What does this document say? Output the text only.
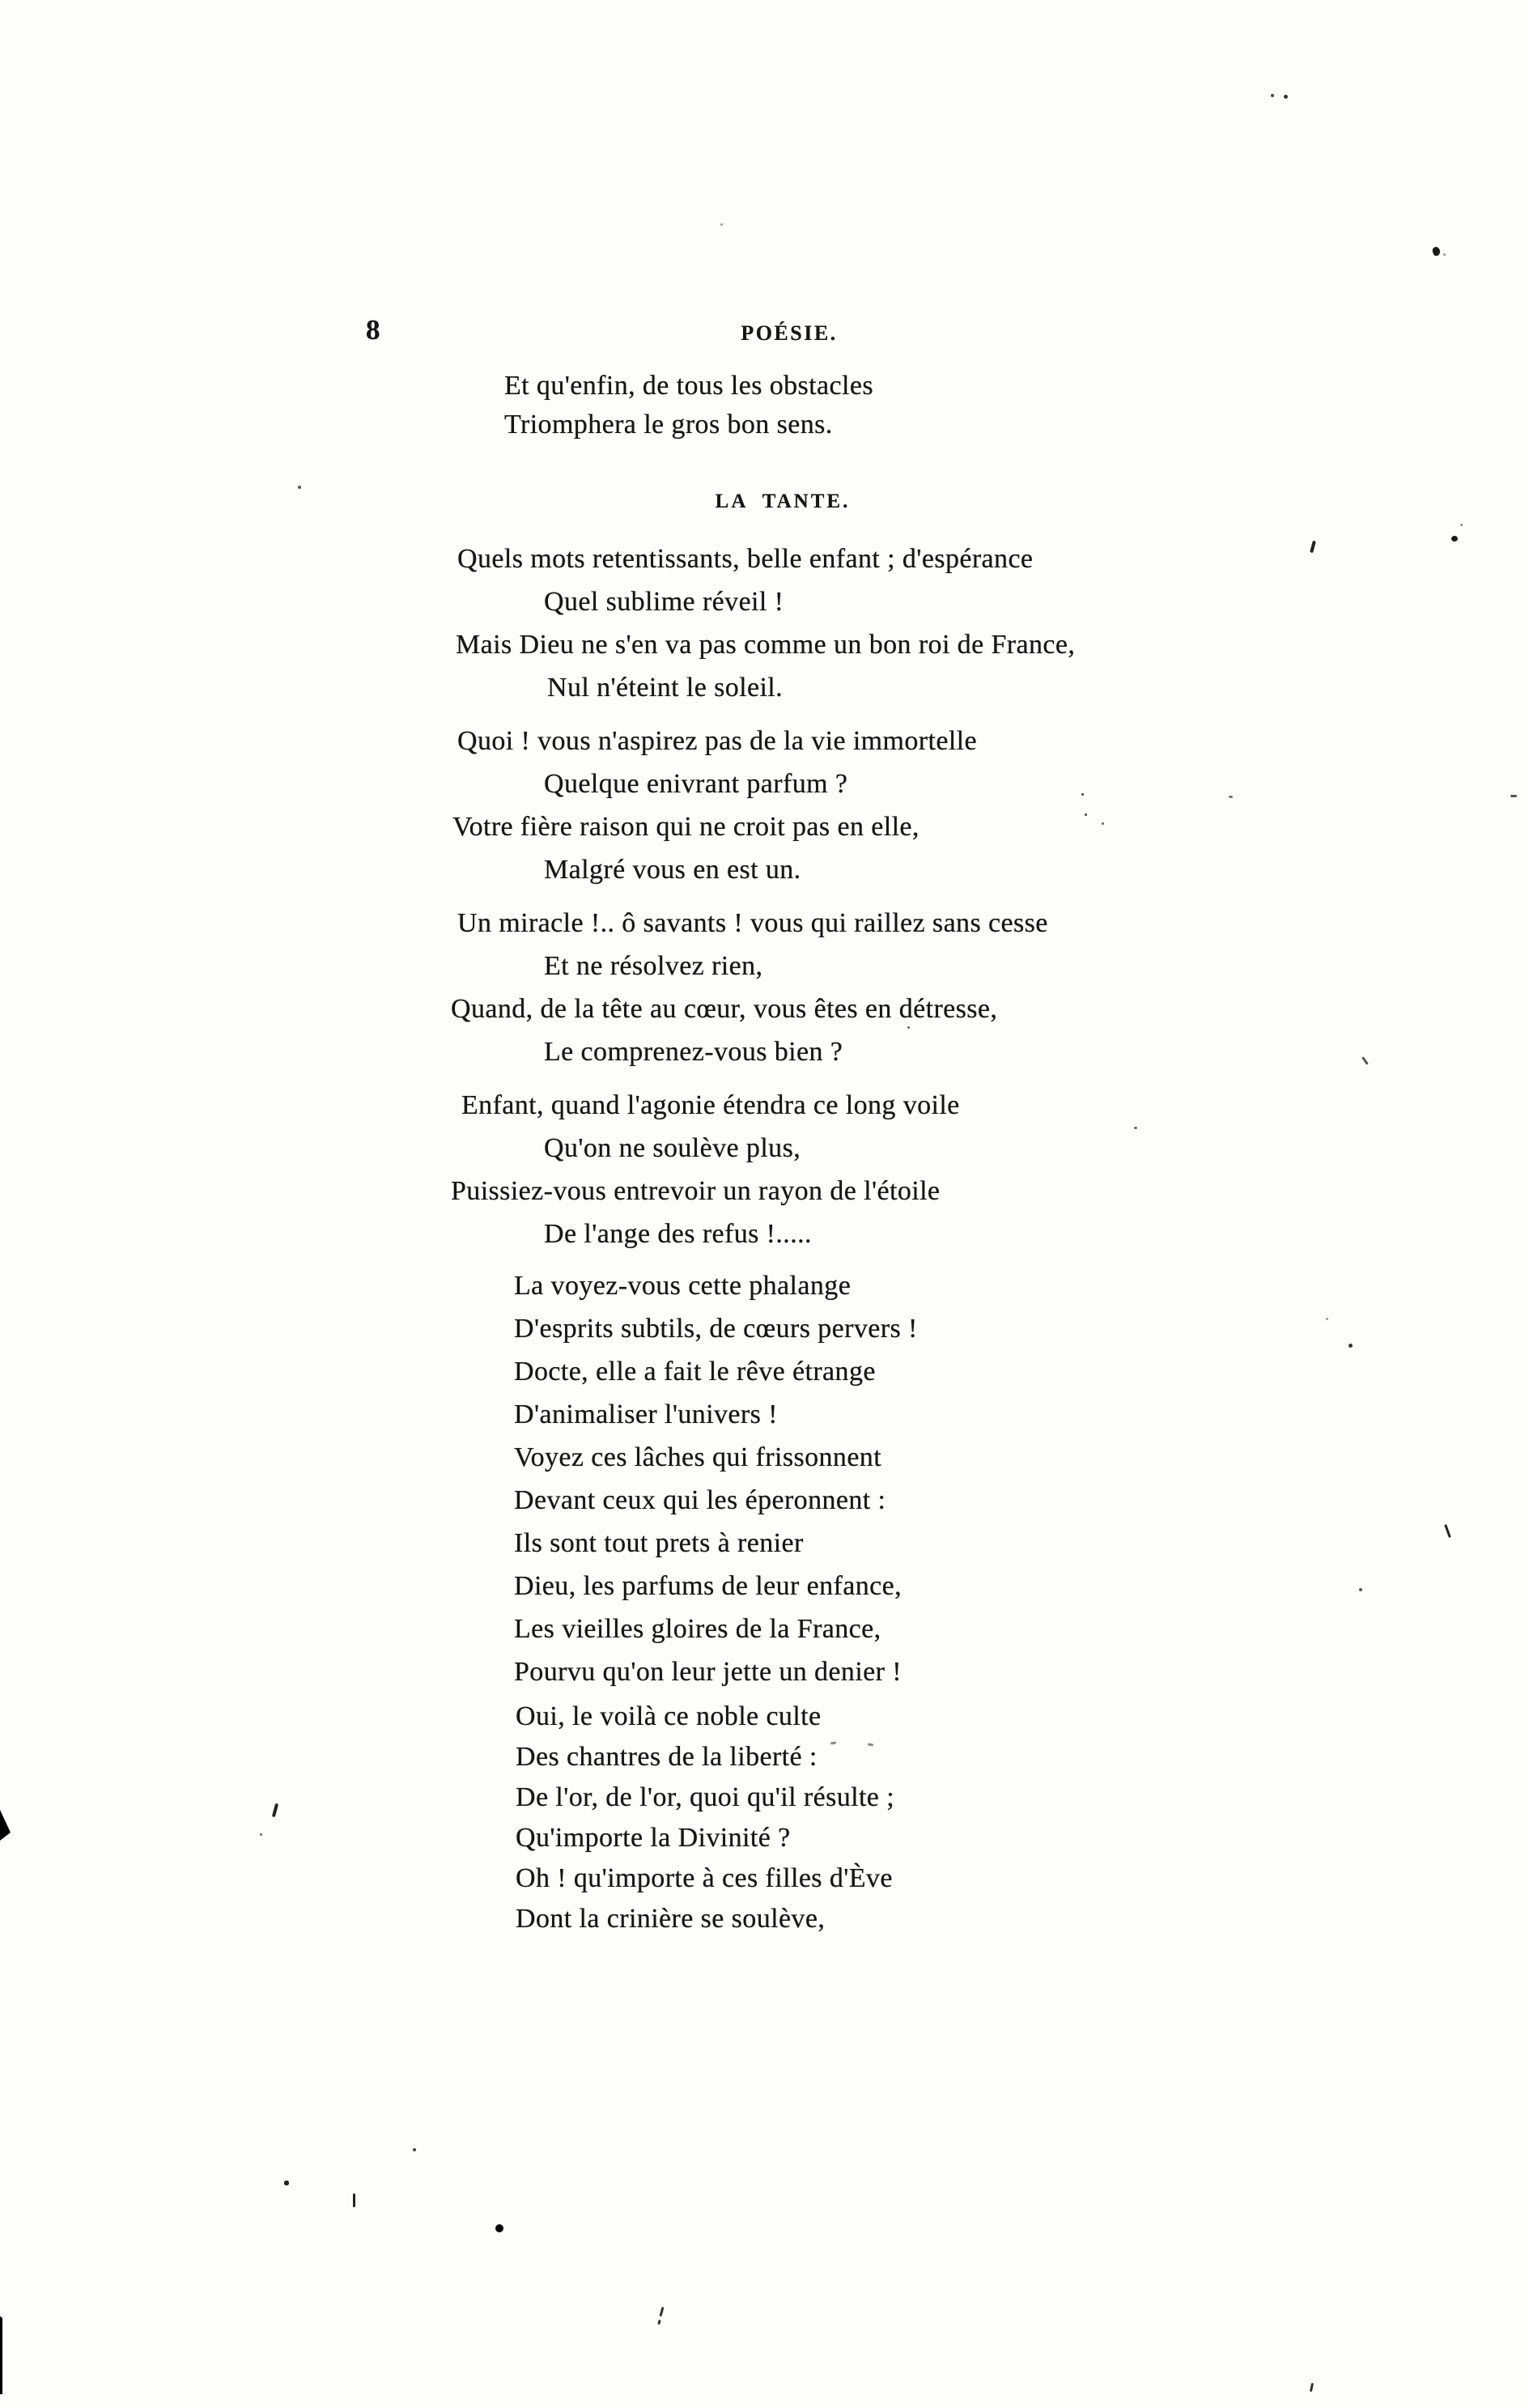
8	POÉSIE.
Et qu'enfin, de tous les obstacles
Triomphera le gros bon sens.
LA TANTE.
Quels mots retentissants, belle enfant ; d'espérance
Quel sublime réveil !
Mais Dieu ne s'en va pas comme un bon roi de France,
Nul n'éteint le soleil.
Quoi ! vous n'aspirez pas de la vie immortelle
Quelque enivrant parfum ?
Votre fière raison qui ne croit pas en elle,
Malgré vous en est un.
Un miracle !.. ô savants ! vous qui raillez sans cesse
Et ne résolvez rien,
Quand, de la tête au cœur, vous êtes en détresse,
Le comprenez-vous bien ?
Enfant, quand l'agonie étendra ce long voile
Qu'on ne soulève plus,
Puissiez-vous entrevoir un rayon de l'étoile
De l'ange des refus !.....
La voyez-vous cette phalange
D'esprits subtils, de cœurs pervers !
Docte, elle a fait le rêve étrange
D'animaliser l'univers !
Voyez ces lâches qui frissonnent
Devant ceux qui les éperonnent :
Ils sont tout prets à renier
Dieu, les parfums de leur enfance,
Les vieilles gloires de la France,
Pourvu qu'on leur jette un denier !
Oui, le voilà ce noble culte
Des chantres de la liberté :
De l'or, de l'or, quoi qu'il résulte ;
Qu'importe la Divinité ?
Oh ! qu'importe à ces filles d'Ève
Dont la crinière se soulève,
